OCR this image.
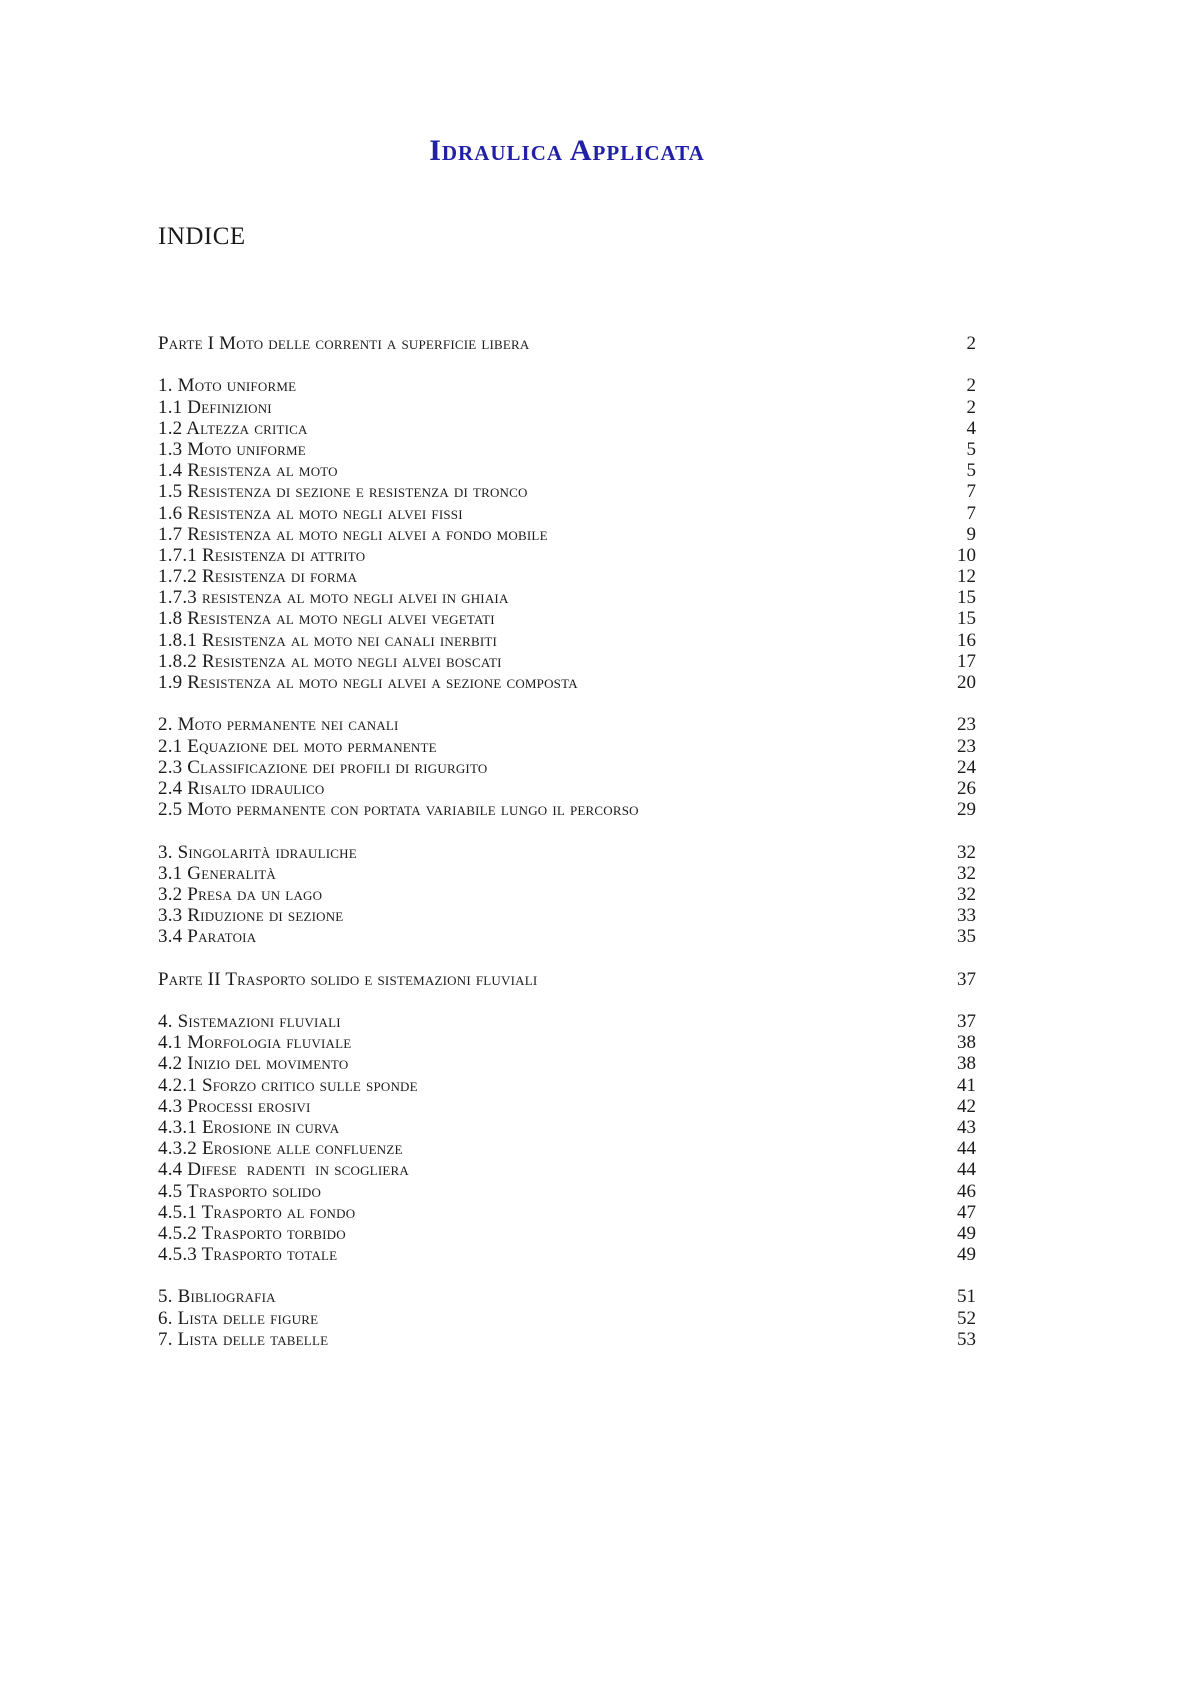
Idraulica Applicata
INDICE
Parte I Moto delle correnti a superficie libera	2
1. Moto uniforme	2
1.1 Definizioni	2
1.2 Altezza critica	4
1.3 Moto uniforme	5
1.4 Resistenza al moto	5
1.5 Resistenza di sezione e resistenza di tronco	7
1.6 Resistenza al moto negli alvei fissi	7
1.7 Resistenza al moto negli alvei a fondo mobile	9
1.7.1 Resistenza di attrito	10
1.7.2 Resistenza di forma	12
1.7.3 resistenza al moto negli alvei in ghiaia	15
1.8 Resistenza al moto negli alvei vegetati	15
1.8.1 Resistenza al moto nei canali inerbiti	16
1.8.2 Resistenza al moto negli alvei boscati	17
1.9 Resistenza al moto negli alvei a sezione composta	20
2. Moto permanente nei canali	23
2.1 Equazione del moto permanente	23
2.3 Classificazione dei profili di rigurgito	24
2.4 Risalto idraulico	26
2.5 Moto permanente con portata variabile lungo il percorso	29
3. Singolarità idrauliche	32
3.1 Generalità	32
3.2 Presa da un lago	32
3.3 Riduzione di sezione	33
3.4 Paratoia	35
Parte II Trasporto solido e sistemazioni fluviali	37
4. Sistemazioni fluviali	37
4.1 Morfologia fluviale	38
4.2 Inizio del movimento	38
4.2.1 Sforzo critico sulle sponde	41
4.3 Processi erosivi	42
4.3.1 Erosione in curva	43
4.3.2 Erosione alle confluenze	44
4.4 Difese  radenti  in scogliera	44
4.5 Trasporto solido	46
4.5.1 Trasporto al fondo	47
4.5.2 Trasporto torbido	49
4.5.3 Trasporto totale	49
5. Bibliografia	51
6. Lista delle figure	52
7. Lista delle tabelle	53
